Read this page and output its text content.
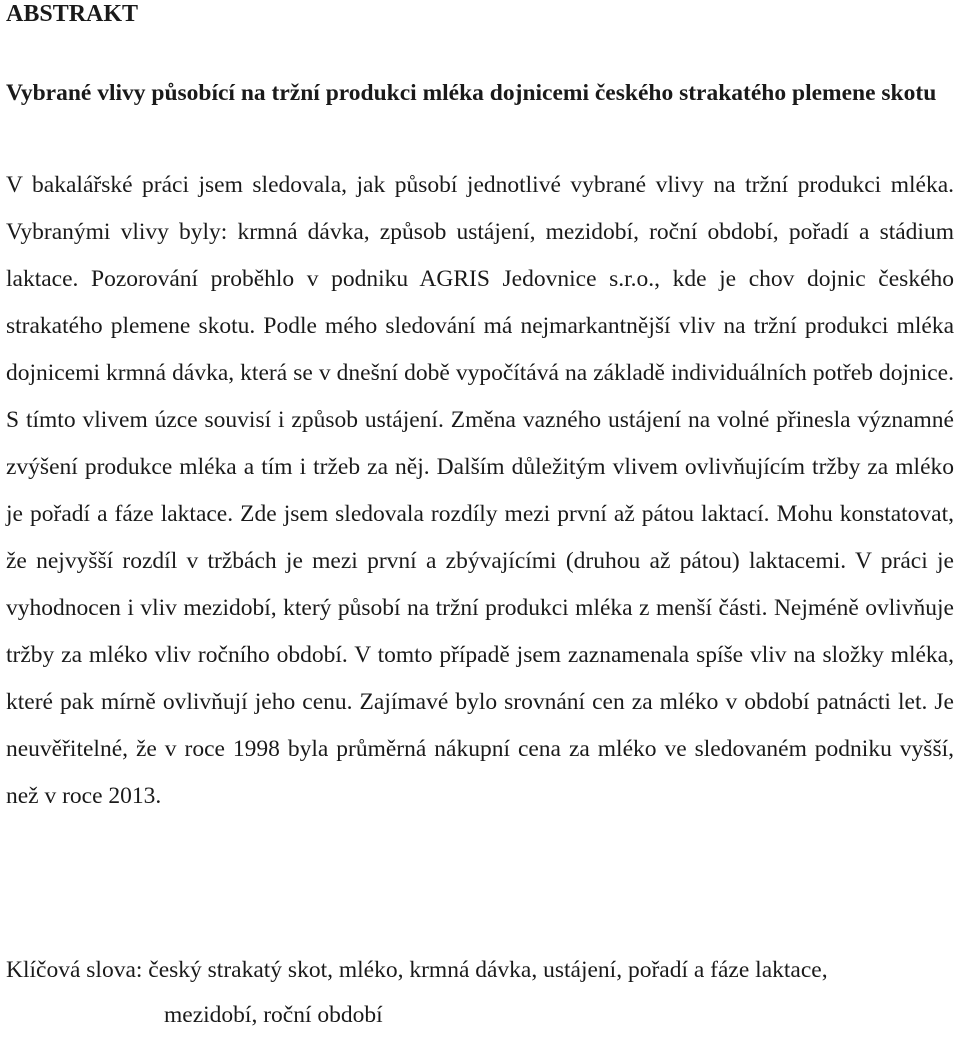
ABSTRAKT

Vybrané vlivy působící na tržní produkci mléka dojnicemi českého strakatého plemene skotu

V bakalářské práci jsem sledovala, jak působí jednotlivé vybrané vlivy na tržní produkci mléka. Vybranými vlivy byly: krmná dávka, způsob ustájení, mezidobí, roční období, pořadí a stádium laktace. Pozorování proběhlo v podniku AGRIS Jedovnice s.r.o., kde je chov dojnic českého strakatého plemene skotu. Podle mého sledování má nejmarkantnější vliv na tržní produkci mléka dojnicemi krmná dávka, která se v dnešní době vypočítává na základě individuálních potřeb dojnice. S tímto vlivem úzce souvisí i způsob ustájení. Změna vazného ustájení na volné přinesla významné zvýšení produkce mléka a tím i tržeb za něj. Dalším důležitým vlivem ovlivňujícím tržby za mléko je pořadí a fáze laktace. Zde jsem sledovala rozdíly mezi první až pátou laktací. Mohu konstatovat, že nejvyšší rozdíl v tržbách je mezi první a zbývajícími (druhou až pátou) laktacemi. V práci je vyhodnocen i vliv mezidobí, který působí na tržní produkci mléka z menší části. Nejméně ovlivňuje tržby za mléko vliv ročního období. V tomto případě jsem zaznamenala spíše vliv na složky mléka, které pak mírně ovlivňují jeho cenu. Zajímavé bylo srovnání cen za mléko v období patnácti let. Je neuvěřitelné, že v roce 1998 byla průměrná nákupní cena za mléko ve sledovaném podniku vyšší, než v roce 2013.

Klíčová slova: český strakatý skot, mléko, krmná dávka, ustájení, pořadí a fáze laktace,
mezidobí, roční období
